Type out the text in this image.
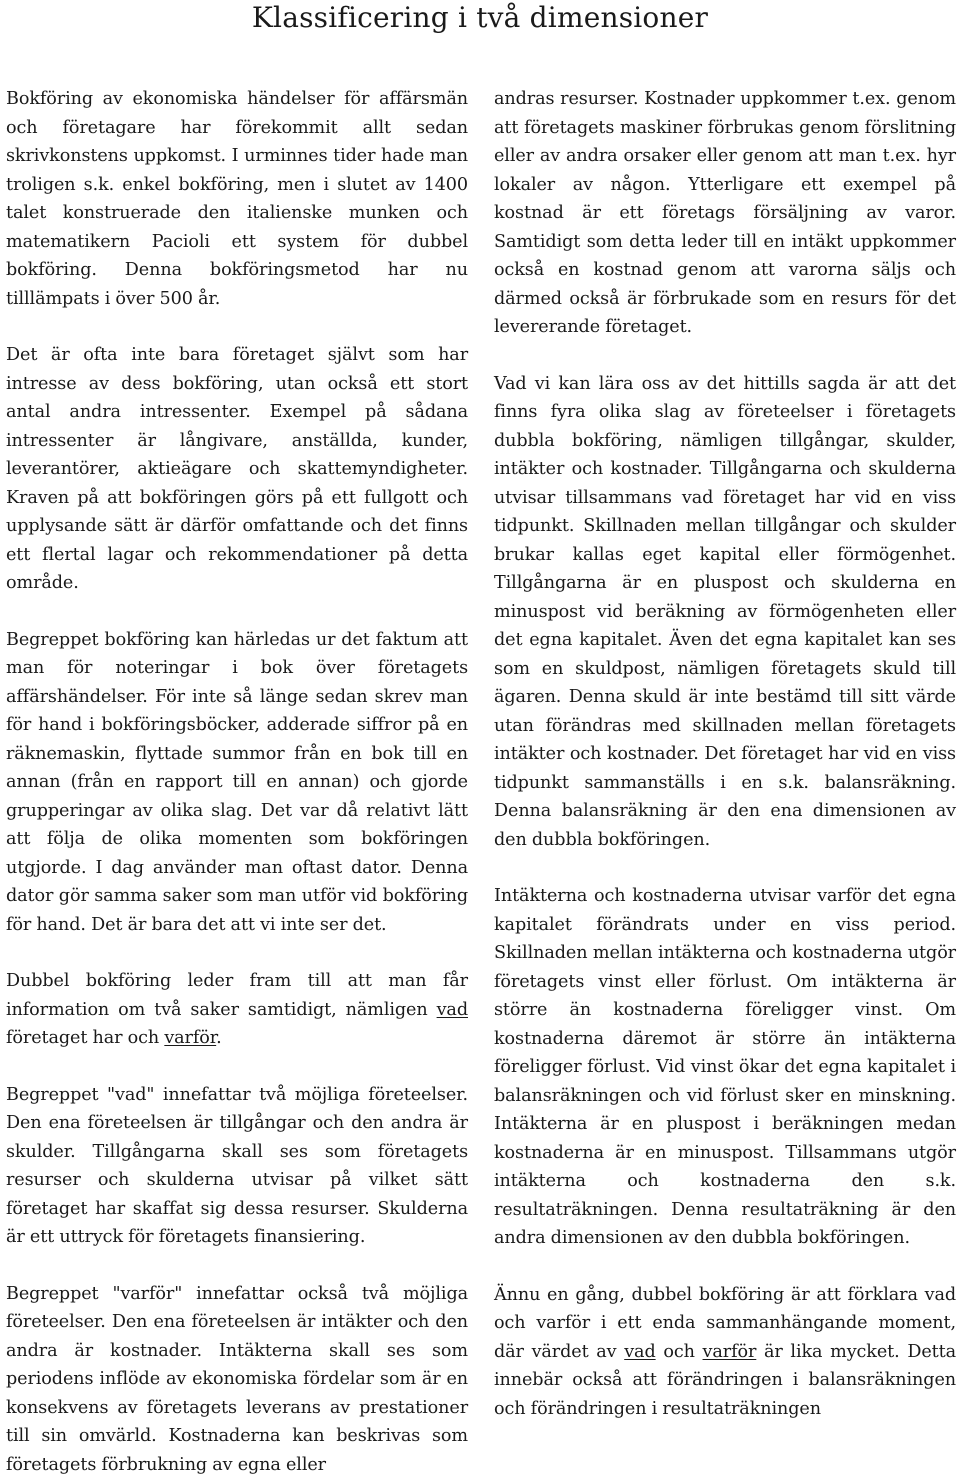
Klassificering i två dimensioner

Bokföring av ekonomiska händelser för affärsmän och företagare har förekommit allt sedan skrivkonstens uppkomst. I urminnes tider hade man troligen s.k. enkel bokföring, men i slutet av 1400 talet konstruerade den italienske munken och matematikern Pacioli ett system för dubbel bokföring. Denna bokföringsmetod har nu tilllämpats i över 500 år.

Det är ofta inte bara företaget självt som har intresse av dess bokföring, utan också ett stort antal andra intressenter. Exempel på sådana intressenter är långivare, anställda, kunder, leverantörer, aktieägare och skattemyndigheter. Kraven på att bokföringen görs på ett fullgott och upplysande sätt är därför omfattande och det finns ett flertal lagar och rekommendationer på detta område.

Begreppet bokföring kan härledas ur det faktum att man för noteringar i bok över företagets affärshändelser. För inte så länge sedan skrev man för hand i bokföringsböcker, adderade siffror på en räknemaskin, flyttade summor från en bok till en annan (från en rapport till en annan) och gjorde grupperingar av olika slag. Det var då relativt lätt att följa de olika momenten som bokföringen utgjorde. I dag använder man oftast dator. Denna dator gör samma saker som man utför vid bokföring för hand. Det är bara det att vi inte ser det.

Dubbel bokföring leder fram till att man får information om två saker samtidigt, nämligen vad företaget har och varför.

Begreppet "vad" innefattar två möjliga företeelser. Den ena företeelsen är tillgångar och den andra är skulder. Tillgångarna skall ses som företagets resurser och skulderna utvisar på vilket sätt företaget har skaffat sig dessa resurser. Skulderna är ett uttryck för företagets finansiering.

Begreppet "varför" innefattar också två möjliga företeelser. Den ena företeelsen är intäkter och den andra är kostnader. Intäkterna skall ses som periodens inflöde av ekonomiska fördelar som är en konsekvens av företagets leverans av prestationer till sin omvärld. Kostnaderna kan beskrivas som företagets förbrukning av egna eller

andras resurser. Kostnader uppkommer t.ex. genom att företagets maskiner förbrukas genom förslitning eller av andra orsaker eller genom att man t.ex. hyr lokaler av någon. Ytterligare ett exempel på kostnad är ett företags försäljning av varor. Samtidigt som detta leder till en intäkt uppkommer också en kostnad genom att varorna säljs och därmed också är förbrukade som en resurs för det levererande företaget.

Vad vi kan lära oss av det hittills sagda är att det finns fyra olika slag av företeelser i företagets dubbla bokföring, nämligen tillgångar, skulder, intäkter och kostnader. Tillgångarna och skulderna utvisar tillsammans vad företaget har vid en viss tidpunkt. Skillnaden mellan tillgångar och skulder brukar kallas eget kapital eller förmögenhet. Tillgångarna är en pluspost och skulderna en minuspost vid beräkning av förmögenheten eller det egna kapitalet. Även det egna kapitalet kan ses som en skuldpost, nämligen företagets skuld till ägaren. Denna skuld är inte bestämd till sitt värde utan förändras med skillnaden mellan företagets intäkter och kostnader. Det företaget har vid en viss tidpunkt sammanställs i en s.k. balansräkning. Denna balansräkning är den ena dimensionen av den dubbla bokföringen.

Intäkterna och kostnaderna utvisar varför det egna kapitalet förändrats under en viss period. Skillnaden mellan intäkterna och kostnaderna utgör företagets vinst eller förlust. Om intäkterna är större än kostnaderna föreligger vinst. Om kostnaderna däremot är större än intäkterna föreligger förlust. Vid vinst ökar det egna kapitalet i balansräkningen och vid förlust sker en minskning. Intäkterna är en pluspost i beräkningen medan kostnaderna är en minuspost. Tillsammans utgör intäkterna och kostnaderna den s.k. resultaträkningen. Denna resultaträkning är den andra dimensionen av den dubbla bokföringen.

Ännu en gång, dubbel bokföring är att förklara vad och varför i ett enda sammanhängande moment, där värdet av vad och varför är lika mycket. Detta innebär också att förändringen i balansräkningen och förändringen i resultaträkningen
